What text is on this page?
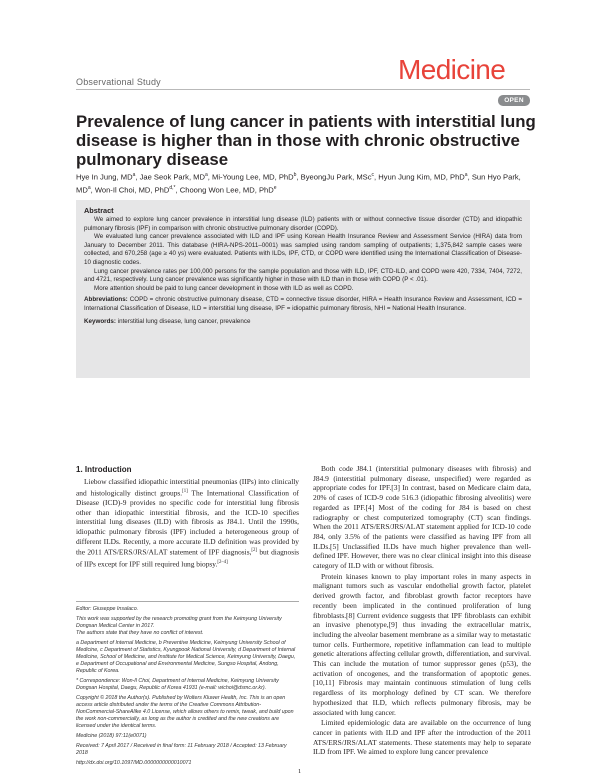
Observational Study	Medicine
OPEN
Prevalence of lung cancer in patients with interstitial lung disease is higher than in those with chronic obstructive pulmonary disease
Hye In Jung, $MD^a$, Jae Seok Park, $MD^a$, Mi-Young Lee, MD, PhD$^b$, ByeongJu Park, MSc$^c$, Hyun Jung Kim, MD, PhD$^a$, Sun Hyo Park, $MD^a$, Won-Il Choi, MD, PhD$^{d,*}$, Choong Won Lee, MD, PhD$^e$
Abstract

We aimed to explore lung cancer prevalence in interstitial lung disease (ILD) patients with or without connective tissue disorder (CTD) and idiopathic pulmonary fibrosis (IPF) in comparison with chronic obstructive pulmonary disorder (COPD).

We evaluated lung cancer prevalence associated with ILD and IPF using Korean Health Insurance Review and Assessment Service (HIRA) data from January to December 2011. This database (HIRA-NPS-2011–0001) was sampled using random sampling of outpatients; 1,375,842 sample cases were collected, and 670,258 (age ≥ 40 ys) were evaluated. Patients with ILDs, IPF, CTD, or COPD were identified using the International Classification of Disease-10 diagnostic codes.

Lung cancer prevalence rates per 100,000 persons for the sample population and those with ILD, IPF, CTD-ILD, and COPD were 420, 7334, 7404, 7272, and 4721, respectively. Lung cancer prevalence was significantly higher in those with ILD than in those with COPD (P < .01).

More attention should be paid to lung cancer development in those with ILD as well as COPD.

Abbreviations: COPD = chronic obstructive pulmonary disease, CTD = connective tissue disorder, HIRA = Health Insurance Review and Assessment, ICD = International Classification of Disease, ILD = interstitial lung disease, IPF = idiopathic pulmonary fibrosis, NHI = National Health Insurance.

Keywords: interstitial lung disease, lung cancer, prevalence

1. Introduction

Liebow classified idiopathic interstitial pneumonias (IIPs) into clinically and histologically distinct groups.[1] The International Classification of Disease (ICD)-9 provides no specific code for interstitial lung fibrosis other than idiopathic interstitial fibrosis, and the ICD-10 specifies interstitial lung diseases (ILD) with fibrosis as J84.1. Until the 1990s, idiopathic pulmonary fibrosis (IPF) included a heterogeneous group of different ILDs. Recently, a more accurate ILD definition was provided by the 2011 ATS/ERS/JRS/ALAT statement of IPF diagnosis,[2] but diagnosis of IIPs except for IPF still required lung biopsy.[2–4]

Editor: Giuseppe Insalaco.
This work was supported by the research promoting grant from the Keimyung University Dongsan Medical Center in 2017.
The authors state that they have no conflict of interest.
a Department of Internal Medicine, b Preventive Medicine, Keimyung University School of Medicine, c Department of Statistics, Kyungpook National University, d Department of Internal Medicine, School of Medicine, and Institute for Medical Science, Keimyung University, Daegu, e Department of Occupational and Environmental Medicine, Sungso Hospital, Andong, Republic of Korea.
* Correspondence: Won-Il Choi, Department of Internal Medicine, Keimyung University Dongsan Hospital, Daegu, Republic of Korea 41931 (e-mail: wichoi@dsmc.or.kr).
Copyright © 2018 the Author(s). Published by Wolters Kluwer Health, Inc. This is an open access article distributed under the terms of the Creative Commons Attribution-NonCommercial-ShareAlike 4.0 License, which allows others to remix, tweak, and build upon the work non-commercially, as long as the author is credited and the new creations are licensed under the identical terms.
Medicine (2018) 97:11(e0071)
Received: 7 April 2017 / Received in final form: 11 February 2018 / Accepted: 13 February 2018
http://dx.doi.org/10.1097/MD.0000000000010071

Both code J84.1 (interstitial pulmonary diseases with fibrosis) and J84.9 (interstitial pulmonary disease, unspecified) were regarded as appropriate codes for IPF.[3] In contrast, based on Medicare claim data, 20% of cases of ICD-9 code 516.3 (idiopathic fibrosing alveolitis) were regarded as IPF.[4] Most of the coding for J84 is based on chest radiography or chest computerized tomography (CT) scan findings. When the 2011 ATS/ERS/JRS/ALAT statement applied for ICD-10 code J84, only 3.5% of the patients were classified as having IPF from all ILDs.[5] Unclassified ILDs have much higher prevalence than well-defined IPF. However, there was no clear clinical insight into this disease category of ILD with or without fibrosis.

Protein kinases known to play important roles in many aspects in malignant tumors such as vascular endothelial growth factor, platelet derived growth factor, and fibroblast growth factor receptors have recently been implicated in the continued proliferation of lung fibroblasts.[8] Current evidence suggests that IPF fibroblasts can exhibit an invasive phenotype,[9] thus invading the extracellular matrix, including the alveolar basement membrane as a similar way to metastatic tumor cells. Furthermore, repetitive inflammation can lead to multiple genetic alterations affecting cellular growth, differentiation, and survival. This can include the mutation of tumor suppressor genes (p53), the activation of oncogenes, and the transformation of apoptotic genes.[10,11] Fibrosis may maintain continuous stimulation of lung cells regardless of its morphology defined by CT scan. We therefore hypothesized that ILD, which reflects pulmonary fibrosis, may be associated with lung cancer.

Limited epidemiologic data are available on the occurrence of lung cancer in patients with ILD and IPF after the introduction of the 2011 ATS/ERS/JRS/ALAT statements. These statements may help to separate ILD from IPF. We aimed to explore lung cancer prevalence

1
